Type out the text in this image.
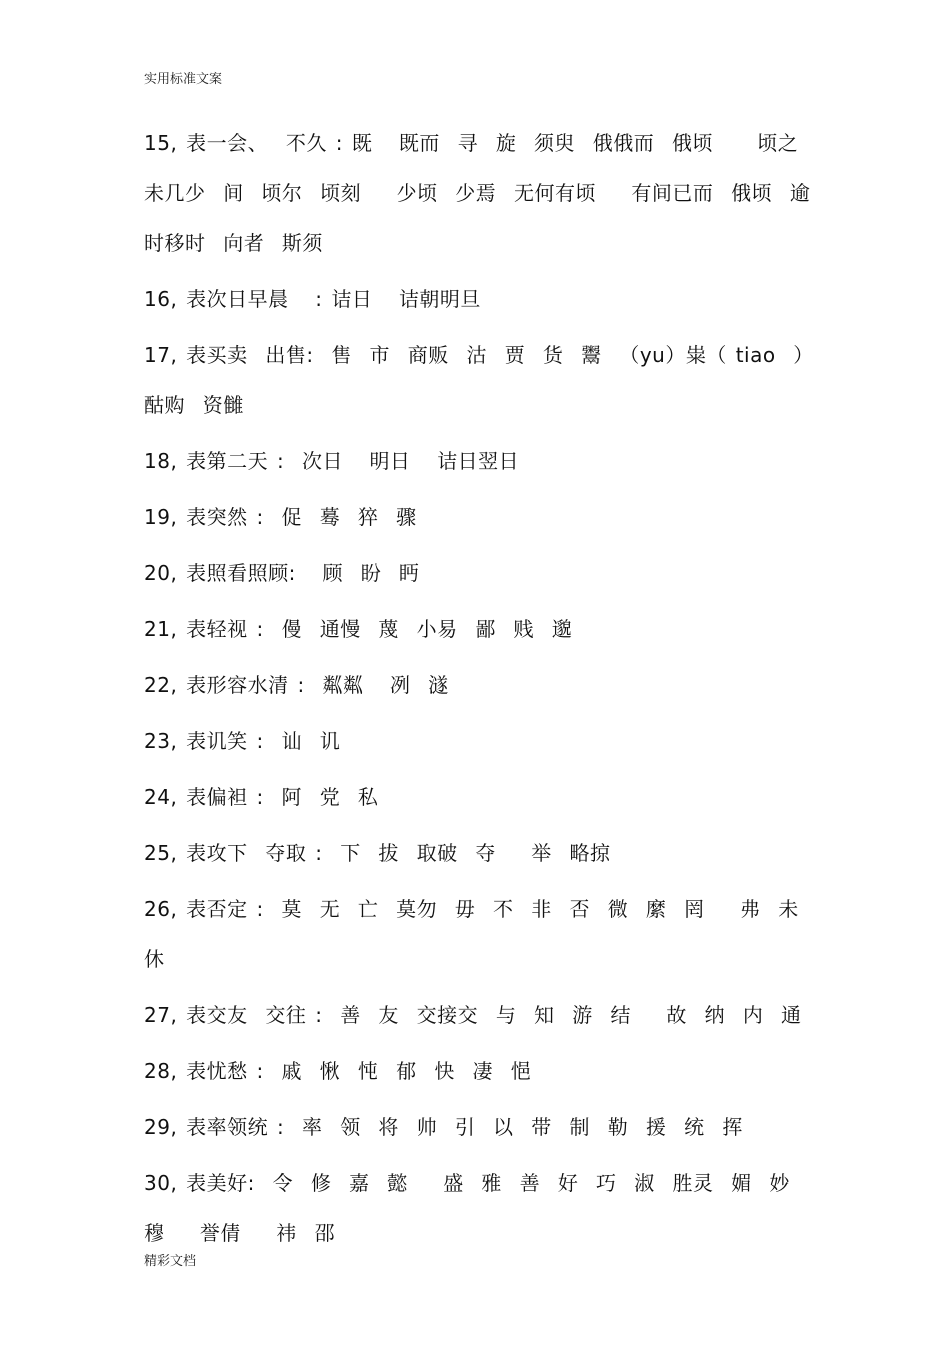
实用标准文案
15, 表一会、  不久 : 既   既而  寻  旋  须臾  俄俄而  俄顷     顷之  未几少  间  顷尔  顷刻    少顷  少焉  无何有顷    有间已而  俄顷  逾时移时  向者  斯须
16, 表次日早晨   : 诘日   诘朝明旦
17, 表买卖  出售:  售  市  商贩  沽  贾  货  鬻  （yu）粜（ tiao  ）  酤购  资雠
18, 表第二天 :  次日   明日   诘日翌日
19, 表突然 :  促  蓦  猝  骤
20, 表照看照顾:   顾  盼  眄
21, 表轻视 :  僈  通慢  蔑  小易  鄙  贱  邈
22, 表形容水清 :  粼粼   冽  澻
23, 表讥笑 :  讪  讥
24, 表偏袒 :  阿  党  私
25, 表攻下  夺取 :  下  拔  取破  夺    举  略掠
26, 表否定 :  莫  无  亡  莫勿  毋  不  非  否  微  縻  罔    弗  未  休
27, 表交友  交往 :  善  友  交接交  与  知  游  结    故  纳  内  通
28, 表忧愁 :  戚  愀  忳  郁  快  凄  悒
29, 表率领统 :  率  领  将  帅  引  以  带  制  勒  援  统  挥
30, 表美好:  令  修  嘉  懿    盛  雅  善  好  巧  淑  胜灵  媚  妙  穆    誉倩    祎  邵
精彩文档
